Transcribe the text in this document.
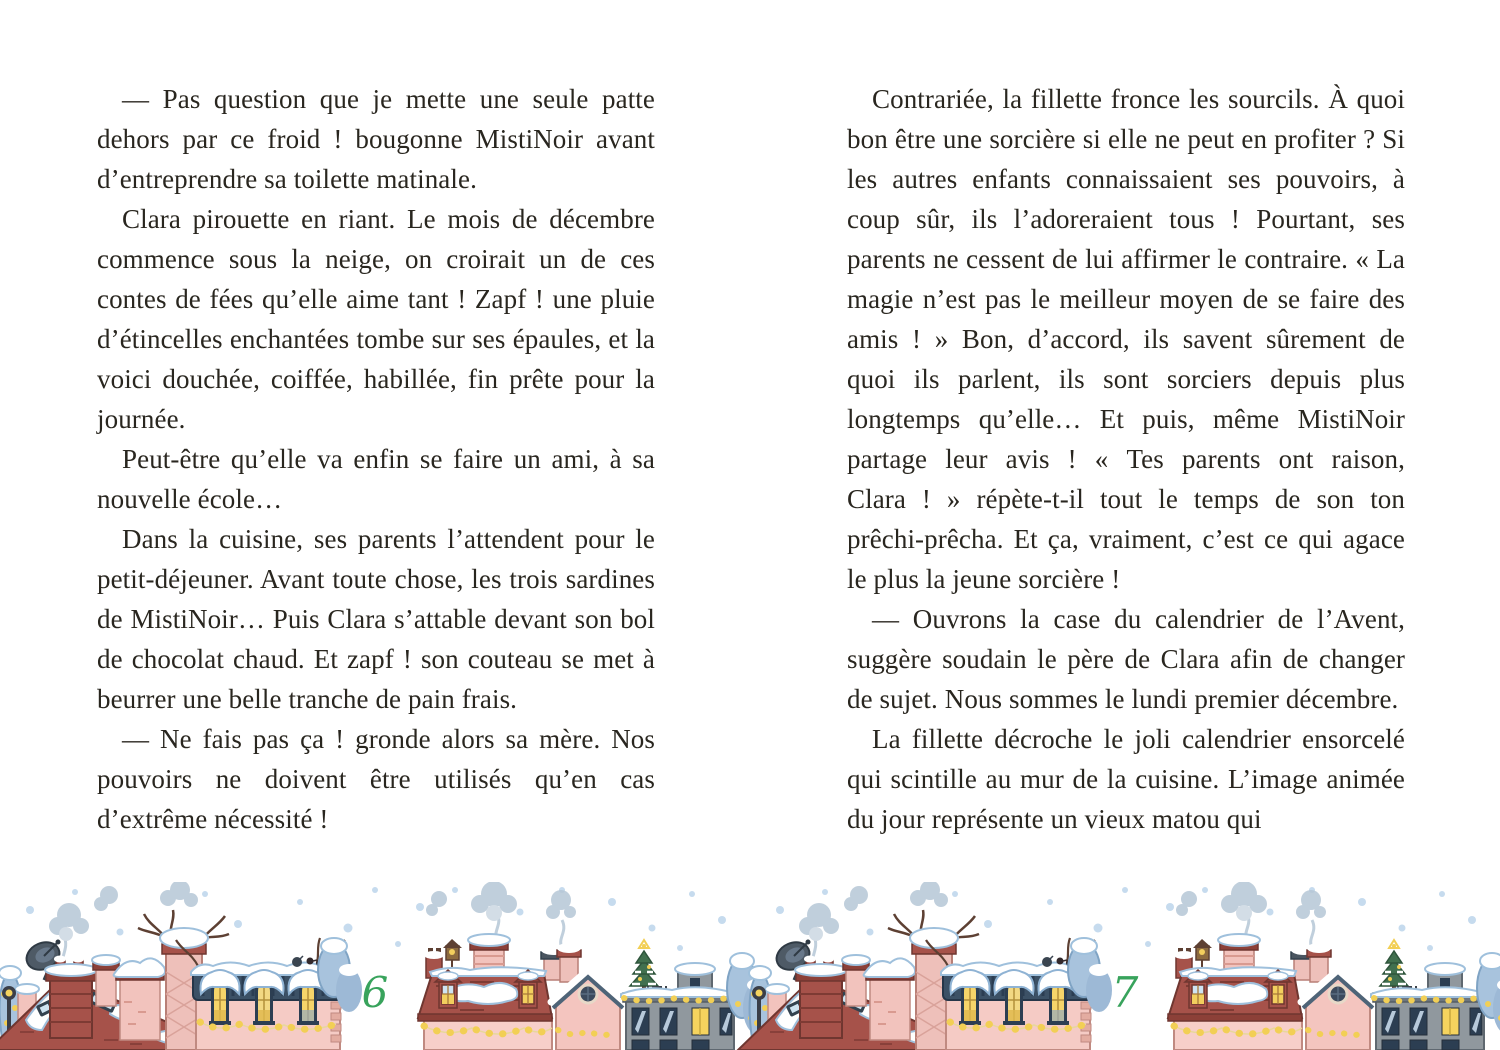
— Pas question que je mette une seule patte dehors par ce froid ! bougonne MistiNoir avant d’entreprendre sa toilette matinale.

Clara pirouette en riant. Le mois de décembre commence sous la neige, on croirait un de ces contes de fées qu’elle aime tant ! Zapf ! une pluie d’étincelles enchantées tombe sur ses épaules, et la voici douchée, coiffée, habillée, fin prête pour la journée.

Peut-être qu’elle va enfin se faire un ami, à sa nouvelle école…

Dans la cuisine, ses parents l’attendent pour le petit-déjeuner. Avant toute chose, les trois sardines de MistiNoir… Puis Clara s’attable devant son bol de chocolat chaud. Et zapf ! son couteau se met à beurrer une belle tranche de pain frais.

— Ne fais pas ça ! gronde alors sa mère. Nos pouvoirs ne doivent être utilisés qu’en cas d’extrême nécessité !

6

Contrariée, la fillette fronce les sourcils. À quoi bon être une sorcière si elle ne peut en profiter ? Si les autres enfants connaissaient ses pouvoirs, à coup sûr, ils l’adoreraient tous ! Pourtant, ses parents ne cessent de lui affirmer le contraire. « La magie n’est pas le meilleur moyen de se faire des amis ! » Bon, d’accord, ils savent sûrement de quoi ils parlent, ils sont sorciers depuis plus longtemps qu’elle… Et puis, même MistiNoir partage leur avis ! « Tes parents ont raison, Clara ! » répète-t-il tout le temps de son ton prêchi-prêcha. Et ça, vraiment, c’est ce qui agace le plus la jeune sorcière !

— Ouvrons la case du calendrier de l’Avent, suggère soudain le père de Clara afin de changer de sujet. Nous sommes le lundi premier décembre.

La fillette décroche le joli calendrier ensorcelé qui scintille au mur de la cuisine. L’image animée du jour représente un vieux matou qui

7
